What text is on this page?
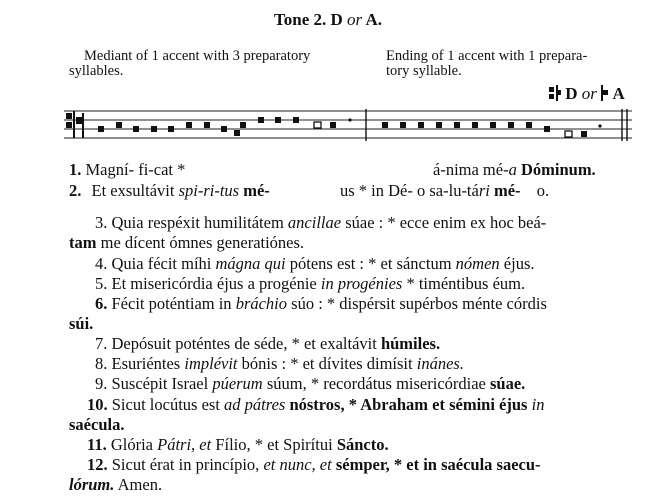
Tone 2. D or A.
Mediant of 1 accent with 3 preparatory
syllables.
Ending of 1 accent with 1 prepara-
tory syllable.
D or A
1. Magní- fi-cat *	á-nima mé-a Dóminum.
2. Et exsultávit spi-ri-tus mé-	us * in Dé- o sa-lu-tári mé- o.
3. Quia respéxit humilitátem ancillae súae : * ecce enim ex hoc beá-
tam me dícent ómnes generatiónes.
4. Quia fécit míhi mágna qui pótens est : * et sánctum nómen éjus.
5. Et misericórdia éjus a progénie in progénies * timéntibus éum.
6. Fécit poténtiam in bráchio súo : * dispérsit supérbos ménte córdis
súi.
7. Depósuit poténtes de séde, * et exaltávit húmiles.
8. Esuriéntes implévit bónis : * et dívites dimísit inánes.
9. Suscépit Israel púerum súum, * recordátus misericórdiae súae.
10. Sicut locútus est ad pátres nóstros, * Abraham et sémini éjus in
saécula.
11. Glória Pátri, et Fílio, * et Spirítui Sáncto.
12. Sicut érat in princípio, et nunc, et sémper, * et in saécula saecu-
lórum. Amen.
